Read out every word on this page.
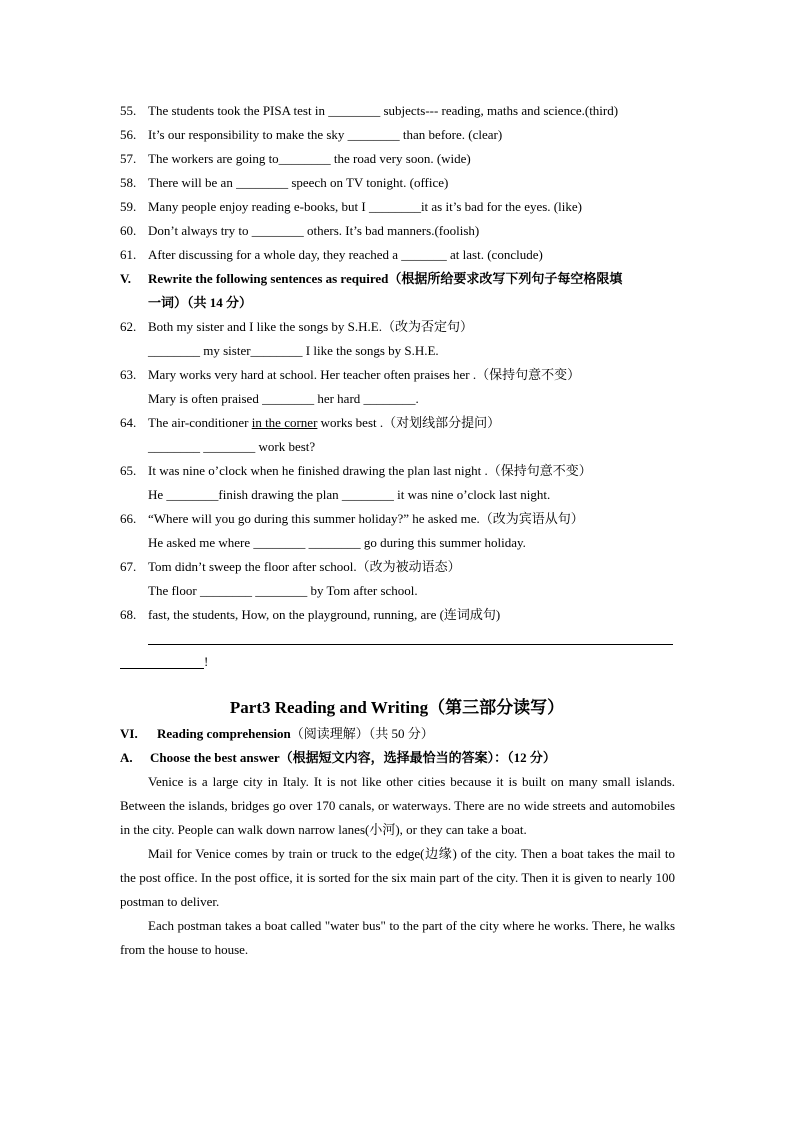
55. The students took the PISA test in ________ subjects--- reading, maths and science.(third)
56. It’s our responsibility to make the sky ________ than before. (clear)
57. The workers are going to________ the road very soon. (wide)
58. There will be an ________ speech on TV tonight. (office)
59. Many people enjoy reading e-books, but I ________it as it’s bad for the eyes. (like)
60. Don’t always try to ________ others. It’s bad manners.(foolish)
61. After discussing for a whole day, they reached a _______ at last. (conclude)
V.	Rewrite the following sentences as required（根据所给要求改写下列句子每空格限填
一词）（共 14 分）
62. Both my sister and I like the songs by S.H.E.（改为否定句）
________ my sister________ I like the songs by S.H.E.
63. Mary works very hard at school. Her teacher often praises her .（保持句意不变）
Mary is often praised ________ her hard ________.
64. The air-conditioner in the corner works best .（对划线部分提问）
________ ________ work best?
65. It was nine o’clock when he finished drawing the plan last night .（保持句意不变）
He ________finish drawing the plan ________ it was nine o’clock last night.
66. “Where will you go during this summer holiday?” he asked me.（改为宾语从句）
He asked me where ________ ________ go during this summer holiday.
67. Tom didn’t sweep the floor after school.（改为被动语态）
The floor ________ ________ by Tom after school.
68. fast, the students, How, on the playground, running, are (连词成句)
!
Part3 Reading and Writing（第三部分读写）
VI.	Reading comprehension（阅读理解）（共 50 分）
A.	Choose the best answer（根据短文内容，选择最恰当的答案）：（12 分）
Venice is a large city in Italy. It is not like other cities because it is built on many small islands. Between the islands, bridges go over 170 canals, or waterways. There are no wide streets and automobiles in the city. People can walk down narrow lanes(小河), or they can take a boat.
Mail for Venice comes by train or truck to the edge(边缘) of the city. Then a boat takes the mail to the post office. In the post office, it is sorted for the six main part of the city. Then it is given to nearly 100 postman to deliver.
Each postman takes a boat called "water bus" to the part of the city where he works. There, he walks from the house to house.
